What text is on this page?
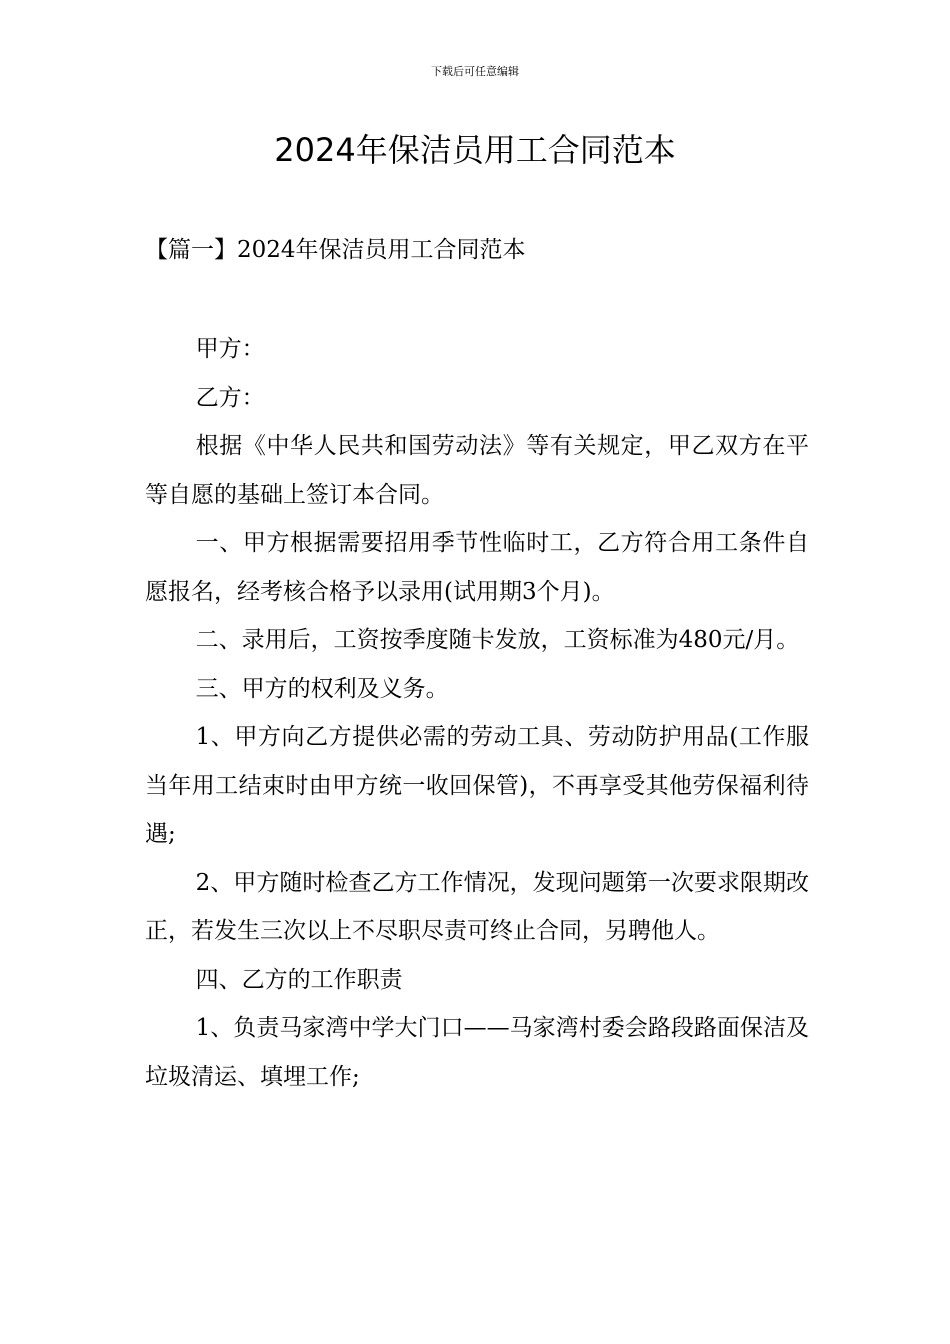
下载后可任意编辑
2024年保洁员用工合同范本
【篇一】2024年保洁员用工合同范本

甲方：

乙方：

根据《中华人民共和国劳动法》等有关规定，甲乙双方在平等自愿的基础上签订本合同。

一、甲方根据需要招用季节性临时工，乙方符合用工条件自愿报名，经考核合格予以录用(试用期3个月)。

二、录用后，工资按季度随卡发放，工资标准为480元/月。

三、甲方的权利及义务。

1、甲方向乙方提供必需的劳动工具、劳动防护用品(工作服当年用工结束时由甲方统一收回保管)，不再享受其他劳保福利待遇;

2、甲方随时检查乙方工作情况，发现问题第一次要求限期改正，若发生三次以上不尽职尽责可终止合同，另聘他人。

四、乙方的工作职责

1、负责马家湾中学大门口——马家湾村委会路段路面保洁及垃圾清运、填埋工作;
